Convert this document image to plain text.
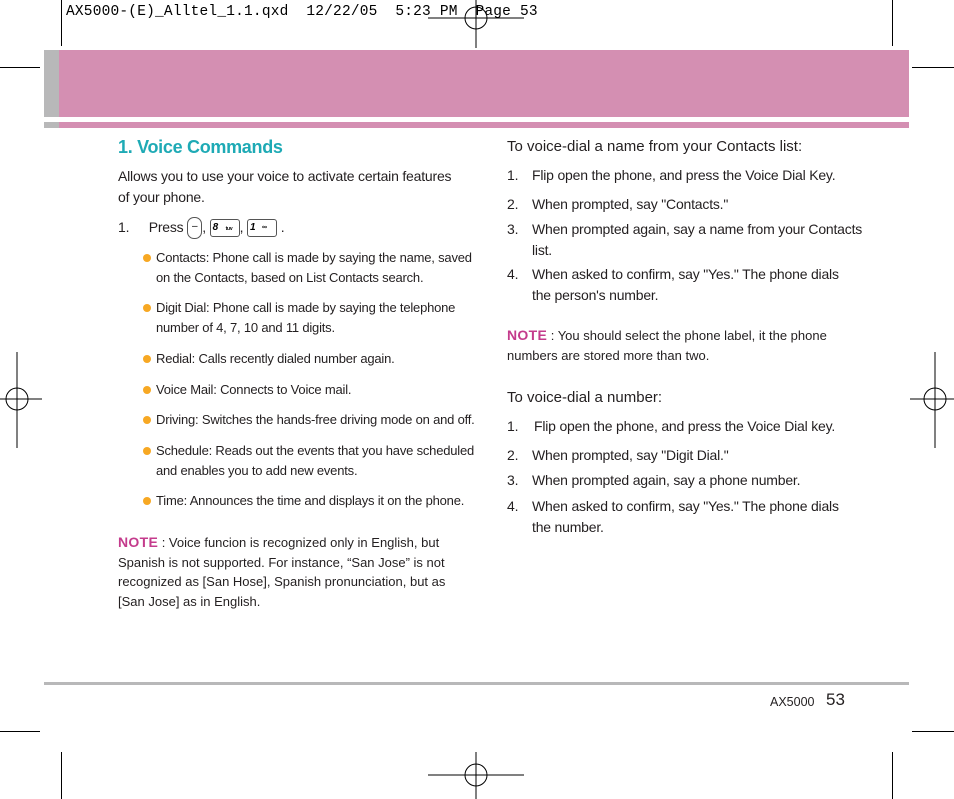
AX5000-(E)_Alltel_1.1.qxd  12/22/05  5:23 PM  Page 53
1. Voice Commands
Allows you to use your voice to activate certain features of your phone.
1. Press – , 8 tuv , 1 ∞ .
Contacts: Phone call is made by saying the name, saved
on the Contacts, based on List Contacts search.
Digit Dial: Phone call is made by saying the telephone
number of 4, 7, 10 and 11 digits.
Redial: Calls recently dialed number again.
Voice Mail: Connects to Voice mail.
Driving: Switches the hands-free driving mode on and off.
Schedule: Reads out the events that you have scheduled
and enables you to add new events.
Time: Announces the time and displays it on the phone.
NOTE : Voice funcion is recognized only in English, but
Spanish is not supported. For instance, “San Jose” is not
recognized as [San Hose], Spanish pronunciation, but as
[San Jose] as in English.
To voice-dial a name from your Contacts list:
1. Flip open the phone, and press the Voice Dial Key.
2. When prompted, say "Contacts."
3. When prompted again, say a name from your Contacts
list.
4. When asked to confirm, say "Yes." The phone dials
the person's number.
NOTE : You should select the phone label, it the phone
numbers are stored more than two.
To voice-dial a number:
1. Flip open the phone, and press the Voice Dial key.
2. When prompted, say "Digit Dial."
3. When prompted again, say a phone number.
4. When asked to confirm, say "Yes." The phone dials
the number.
AX5000 53
